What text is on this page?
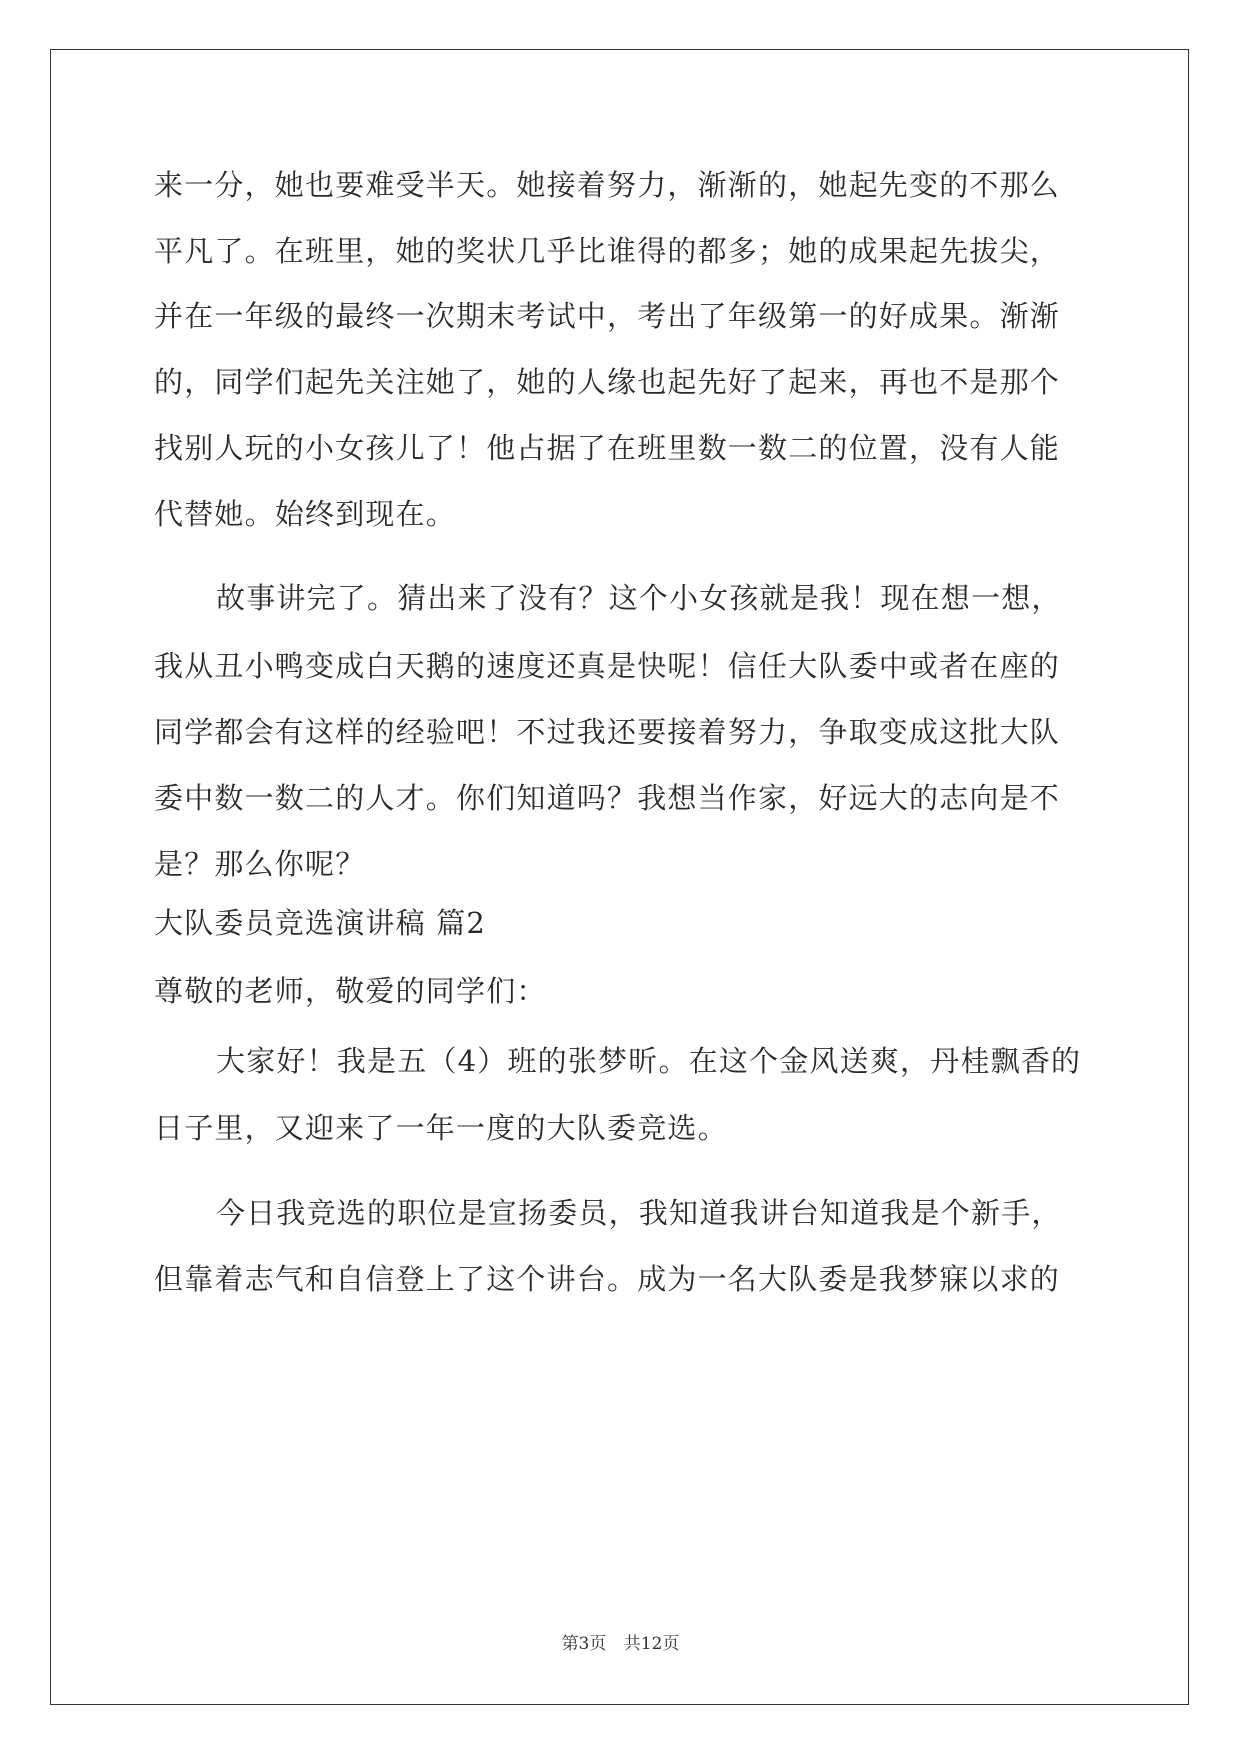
来一分，她也要难受半天。她接着努力，渐渐的，她起先变的不那么
平凡了。在班里，她的奖状几乎比谁得的都多；她的成果起先拔尖，
并在一年级的最终一次期末考试中，考出了年级第一的好成果。渐渐
的，同学们起先关注她了，她的人缘也起先好了起来，再也不是那个
找别人玩的小女孩儿了！他占据了在班里数一数二的位置，没有人能
代替她。始终到现在。
故事讲完了。猜出来了没有？这个小女孩就是我！现在想一想，
我从丑小鸭变成白天鹅的速度还真是快呢！信任大队委中或者在座的
同学都会有这样的经验吧！不过我还要接着努力，争取变成这批大队
委中数一数二的人才。你们知道吗？我想当作家，好远大的志向是不
是？那么你呢？
大队委员竞选演讲稿 篇2
尊敬的老师，敬爱的同学们：
大家好！我是五（4）班的张梦昕。在这个金风送爽，丹桂飘香的
日子里，又迎来了一年一度的大队委竞选。
今日我竞选的职位是宣扬委员，我知道我讲台知道我是个新手，
但靠着志气和自信登上了这个讲台。成为一名大队委是我梦寐以求的
第3页 共12页
